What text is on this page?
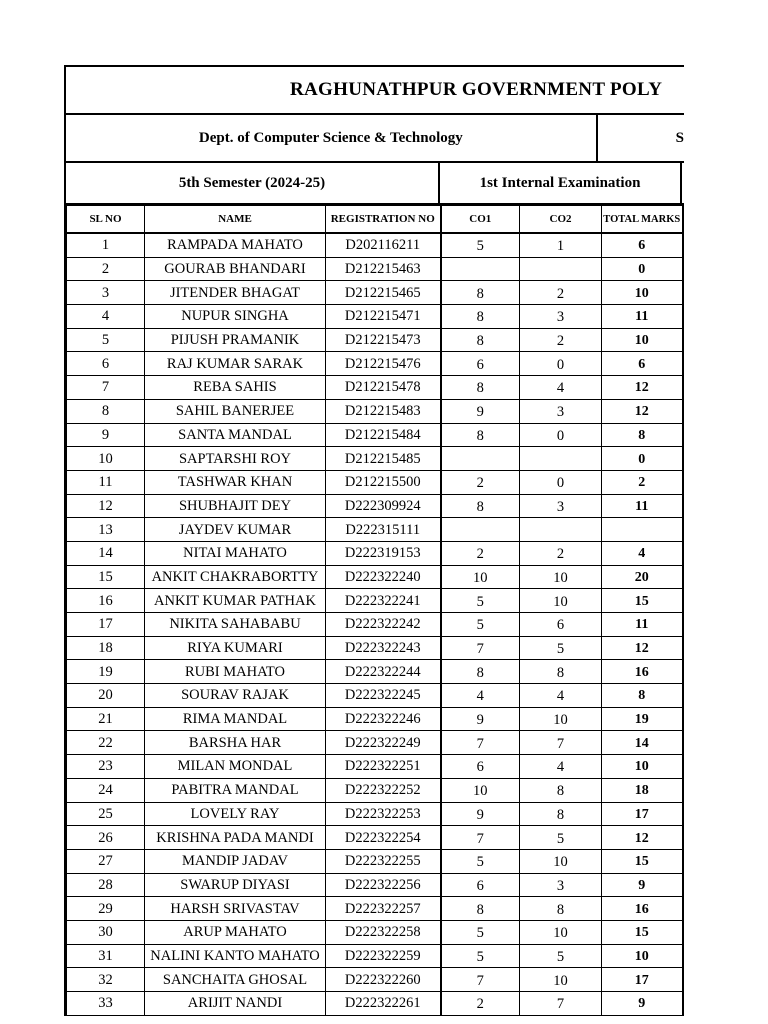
RAGHUNATHPUR GOVERNMENT POLY
Dept. of Computer Science & Technology	S
5th Semester (2024-25)	1st Internal Examination
SL NO	NAME	REGISTRATION NO	CO1	CO2	TOTAL MARKS
1	RAMPADA MAHATO	D202116211	5	1	6
2	GOURAB BHANDARI	D212215463			0
3	JITENDER BHAGAT	D212215465	8	2	10
4	NUPUR SINGHA	D212215471	8	3	11
5	PIJUSH PRAMANIK	D212215473	8	2	10
6	RAJ KUMAR SARAK	D212215476	6	0	6
7	REBA SAHIS	D212215478	8	4	12
8	SAHIL BANERJEE	D212215483	9	3	12
9	SANTA MANDAL	D212215484	8	0	8
10	SAPTARSHI ROY	D212215485			0
11	TASHWAR KHAN	D212215500	2	0	2
12	SHUBHAJIT DEY	D222309924	8	3	11
13	JAYDEV KUMAR	D222315111			
14	NITAI MAHATO	D222319153	2	2	4
15	ANKIT CHAKRABORTTY	D222322240	10	10	20
16	ANKIT KUMAR PATHAK	D222322241	5	10	15
17	NIKITA SAHABABU	D222322242	5	6	11
18	RIYA KUMARI	D222322243	7	5	12
19	RUBI MAHATO	D222322244	8	8	16
20	SOURAV RAJAK	D222322245	4	4	8
21	RIMA MANDAL	D222322246	9	10	19
22	BARSHA HAR	D222322249	7	7	14
23	MILAN MONDAL	D222322251	6	4	10
24	PABITRA MANDAL	D222322252	10	8	18
25	LOVELY RAY	D222322253	9	8	17
26	KRISHNA PADA MANDI	D222322254	7	5	12
27	MANDIP JADAV	D222322255	5	10	15
28	SWARUP DIYASI	D222322256	6	3	9
29	HARSH SRIVASTAV	D222322257	8	8	16
30	ARUP MAHATO	D222322258	5	10	15
31	NALINI KANTO MAHATO	D222322259	5	5	10
32	SANCHAITA GHOSAL	D222322260	7	10	17
33	ARIJIT NANDI	D222322261	2	7	9
